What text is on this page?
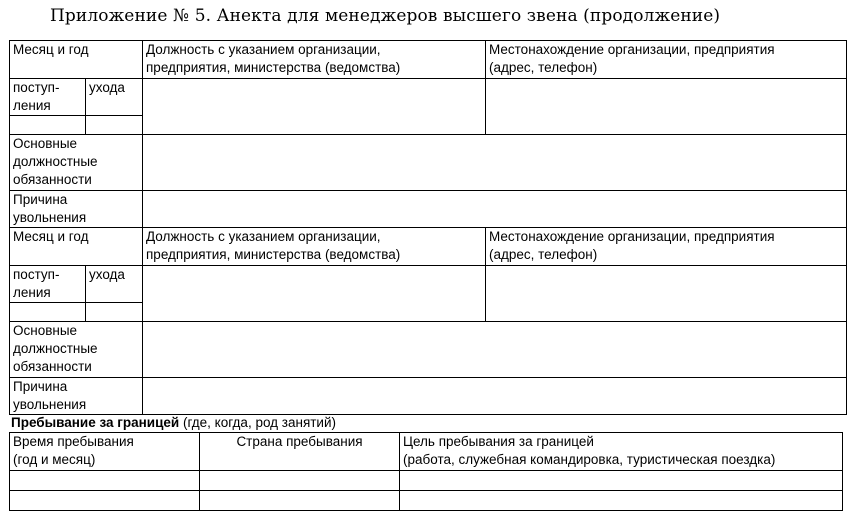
Приложение № 5. Анекта для менеджеров высшего звена (продолжение)
Месяц и год		Должность с указанием организации,
предприятия, министерства (ведомства)	Местонахождение организации, предприятия
(адрес, телефон)

поступ-
ления	ухода		

Основные
должностные
обязанности			

Причина
увольнения			

Месяц и год		Должность с указанием организации,
предприятия, министерства (ведомства)	Местонахождение организации, предприятия
(адрес, телефон)

поступ-
ления	ухода		

Основные
должностные
обязанности			

Причина
увольнения			

Пребывание за границей (где, когда, род занятий)
Время пребывания
(год и месяц)	Страна пребывания	Цель пребывания за границей
(работа, служебная командировка, туристическая поездка)
